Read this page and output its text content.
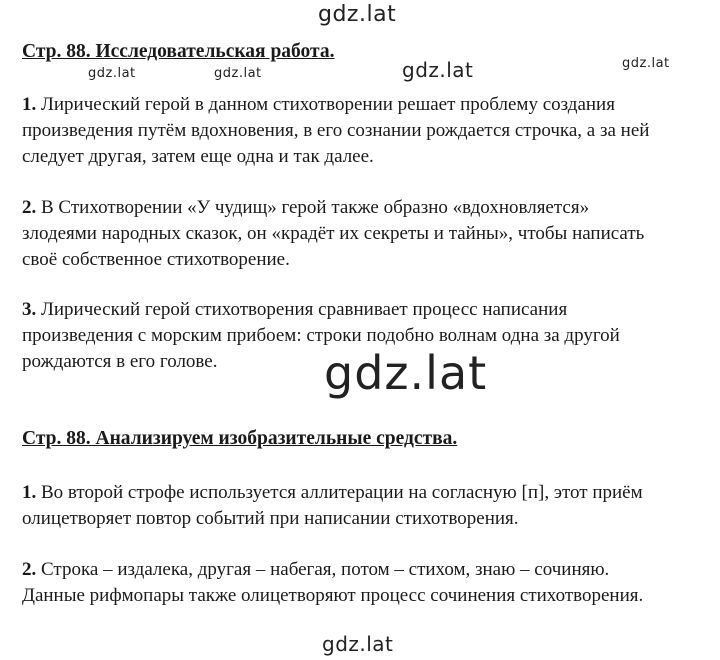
gdz.lat
gdz.lat	gdz.lat	gdz.lat	gdz.lat
Стр. 88. Исследовательская работа.

1. Лирический герой в данном стихотворении решает проблему создания
произведения путём вдохновения, в его сознании рождается строчка, а за ней
следует другая, затем еще одна и так далее.

2. В Стихотворении «У чудищ» герой также образно «вдохновляется»
злодеями народных сказок, он «крадёт их секреты и тайны», чтобы написать
своё собственное стихотворение.

3. Лирический герой стихотворения сравнивает процесс написания
произведения с морским прибоем: строки подобно волнам одна за другой
рождаются в его голове.	gdz.lat
Стр. 88. Анализируем изобразительные средства.

1. Во второй строфе используется аллитерации на согласную [п], этот приём
олицетворяет повтор событий при написании стихотворения.

2. Строка – издалека, другая – набегая, потом – стихом, знаю – сочиняю.
Данные рифмопары также олицетворяют процесс сочинения стихотворения.

gdz.lat
